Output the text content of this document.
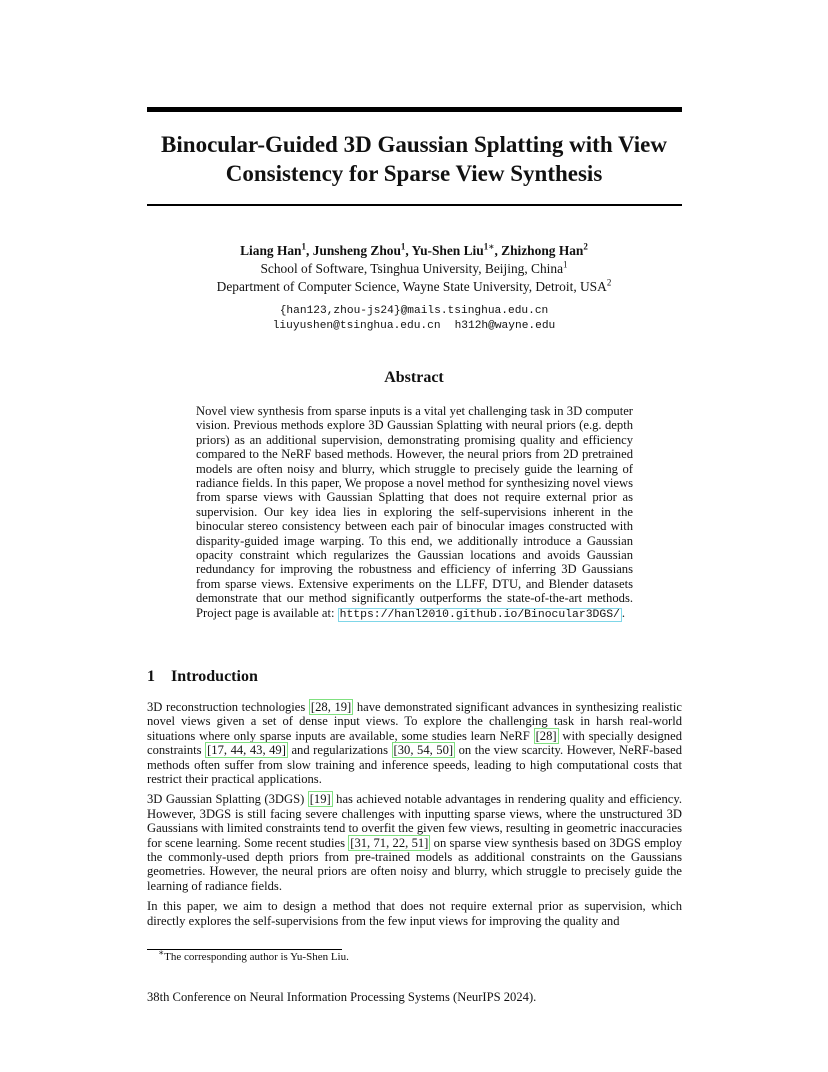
Binocular-Guided 3D Gaussian Splatting with View
Consistency for Sparse View Synthesis
Liang Han$^1$, Junsheng Zhou$^1$, Yu-Shen Liu$^{1∗}$, Zhizhong Han$^2$
School of Software, Tsinghua University, Beijing, China$^1$
Department of Computer Science, Wayne State University, Detroit, USA$^2$
{han123,zhou-js24}@mails.tsinghua.edu.cn
liuyushen@tsinghua.edu.cn h312h@wayne.edu
Abstract
Novel view synthesis from sparse inputs is a vital yet challenging task in 3D computer vision. Previous methods explore 3D Gaussian Splatting with neural priors (e.g. depth priors) as an additional supervision, demonstrating promising quality and efficiency compared to the NeRF based methods. However, the neural priors from 2D pretrained models are often noisy and blurry, which struggle to precisely guide the learning of radiance fields. In this paper, We propose a novel method for synthesizing novel views from sparse views with Gaussian Splatting that does not require external prior as supervision. Our key idea lies in exploring the self-supervisions inherent in the binocular stereo consistency between each pair of binocular images constructed with disparity-guided image warping. To this end, we additionally introduce a Gaussian opacity constraint which regularizes the Gaussian locations and avoids Gaussian redundancy for improving the robustness and efficiency of inferring 3D Gaussians from sparse views. Extensive experiments on the LLFF, DTU, and Blender datasets demonstrate that our method significantly outperforms the state-of-the-art methods. Project page is available at: https://hanl2010.github.io/Binocular3DGS/ .
1 Introduction

3D reconstruction technologies [28, 19] have demonstrated significant advances in synthesizing realistic novel views given a set of dense input views. To explore the challenging task in harsh real-world situations where only sparse inputs are available, some studies learn NeRF [28] with specially designed constraints [17, 44, 43, 49] and regularizations [30, 54, 50] on the view scarcity. However, NeRF-based methods often suffer from slow training and inference speeds, leading to high computational costs that restrict their practical applications.

3D Gaussian Splatting (3DGS) [19] has achieved notable advantages in rendering quality and efficiency. However, 3DGS is still facing severe challenges with inputting sparse views, where the unstructured 3D Gaussians with limited constraints tend to overfit the given few views, resulting in geometric inaccuracies for scene learning. Some recent studies [31, 71, 22, 51] on sparse view synthesis based on 3DGS employ the commonly-used depth priors from pre-trained models as additional constraints on the Gaussians geometries. However, the neural priors are often noisy and blurry, which struggle to precisely guide the learning of radiance fields.

In this paper, we aim to design a method that does not require external prior as supervision, which directly explores the self-supervisions from the few input views for improving the quality and

∗The corresponding author is Yu-Shen Liu.
38th Conference on Neural Information Processing Systems (NeurIPS 2024).
